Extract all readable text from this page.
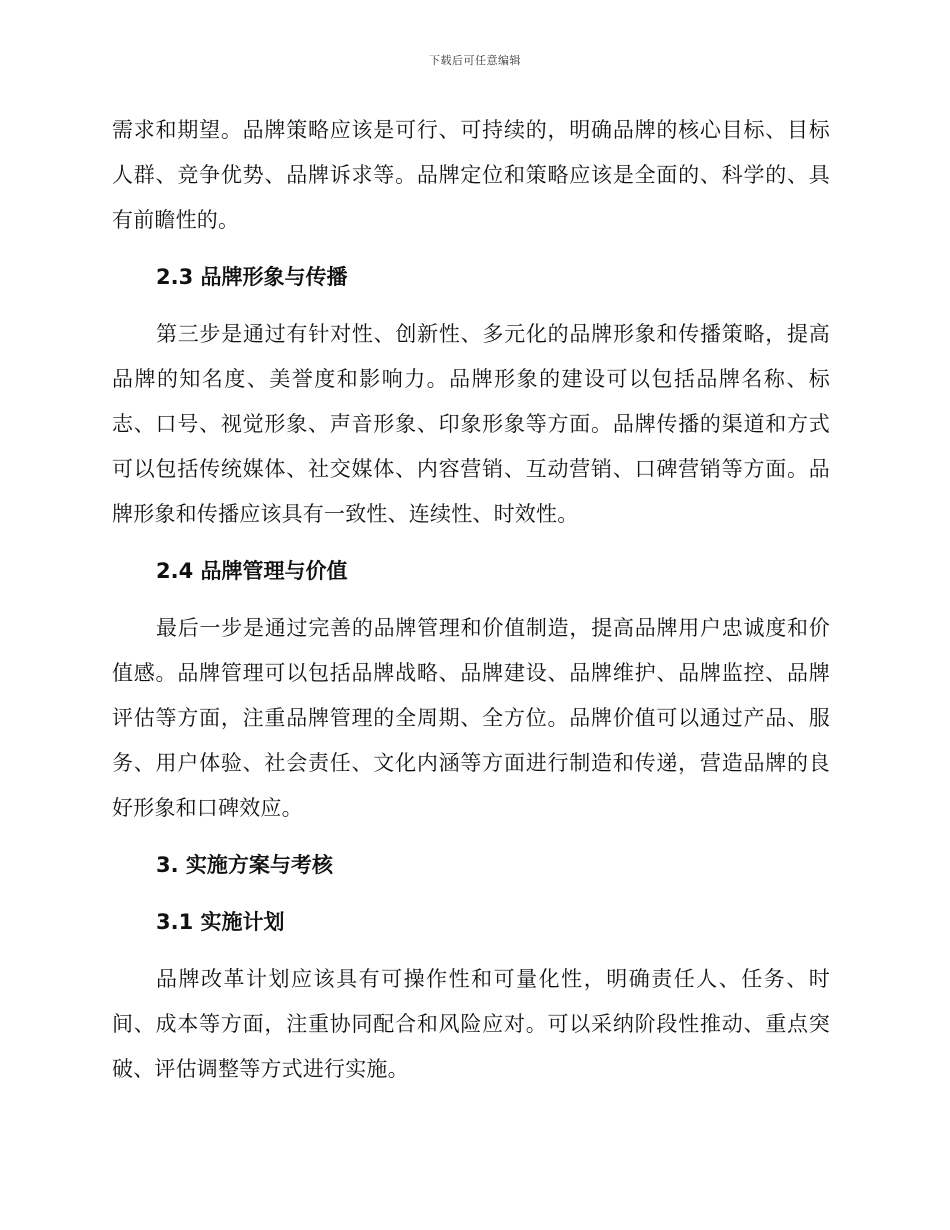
下载后可任意编辑

需求和期望。品牌策略应该是可行、可持续的，明确品牌的核心目标、目标人群、竞争优势、品牌诉求等。品牌定位和策略应该是全面的、科学的、具有前瞻性的。

2.3 品牌形象与传播

第三步是通过有针对性、创新性、多元化的品牌形象和传播策略，提高品牌的知名度、美誉度和影响力。品牌形象的建设可以包括品牌名称、标志、口号、视觉形象、声音形象、印象形象等方面。品牌传播的渠道和方式可以包括传统媒体、社交媒体、内容营销、互动营销、口碑营销等方面。品牌形象和传播应该具有一致性、连续性、时效性。

2.4 品牌管理与价值

最后一步是通过完善的品牌管理和价值制造，提高品牌用户忠诚度和价值感。品牌管理可以包括品牌战略、品牌建设、品牌维护、品牌监控、品牌评估等方面，注重品牌管理的全周期、全方位。品牌价值可以通过产品、服务、用户体验、社会责任、文化内涵等方面进行制造和传递，营造品牌的良好形象和口碑效应。

3. 实施方案与考核
3.1 实施计划

品牌改革计划应该具有可操作性和可量化性，明确责任人、任务、时间、成本等方面，注重协同配合和风险应对。可以采纳阶段性推动、重点突破、评估调整等方式进行实施。
